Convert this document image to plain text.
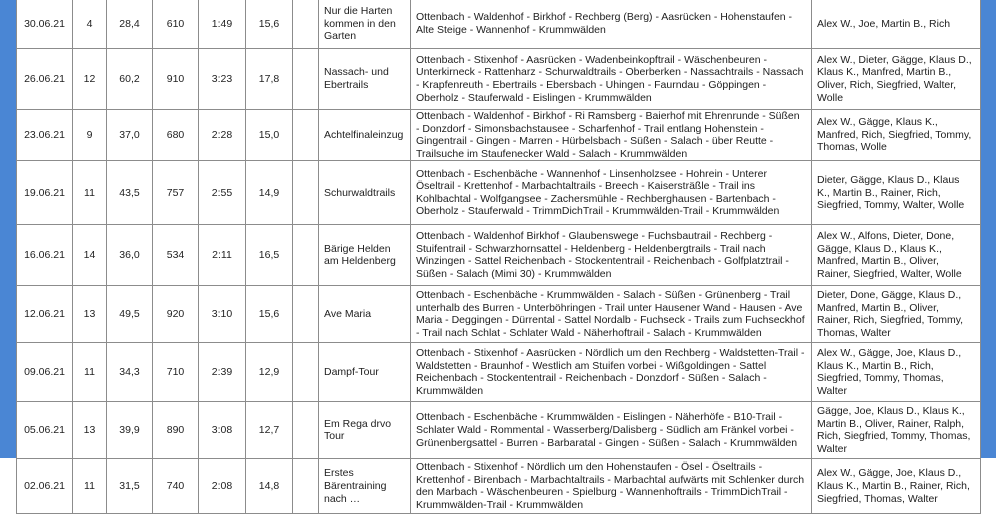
30.06.21	4	28,4	610	1:49	15,6		Nur die Harten kommen in den Garten	Ottenbach - Waldenhof - Birkhof - Rechberg (Berg) - Aasrücken - Hohenstaufen - Alte Steige - Wannenhof - Krummwälden	Alex W., Joe, Martin B., Rich
26.06.21	12	60,2	910	3:23	17,8		Nassach- und Ebertrails	Ottenbach - Stixenhof - Aasrücken - Wadenbeinkopftrail - Wäschenbeuren - Unterkirneck - Rattenharz - Schurwaldtrails - Oberberken - Nassachtrails - Nassach - Krapfenreuth - Ebertrails - Ebersbach - Uhingen - Faurndau - Göppingen - Oberholz - Stauferwald - Eislingen - Krummwälden	Alex W., Dieter, Gägge, Klaus D., Klaus K., Manfred, Martin B., Oliver, Rich, Siegfried, Walter, Wolle
23.06.21	9	37,0	680	2:28	15,0		Achtelfinaleinzug	Ottenbach - Waldenhof - Birkhof - Ri Ramsberg - Baierhof mit Ehrenrunde - Süßen - Donzdorf - Simonsbachstausee - Scharfenhof - Trail entlang Hohenstein - Gingentrail - Gingen - Marren - Hürbelsbach - Süßen - Salach - über Reutte - Trailsuche im Staufenecker Wald - Salach - Krummwälden	Alex W., Gägge, Klaus K., Manfred, Rich, Siegfried, Tommy, Thomas, Wolle
19.06.21	11	43,5	757	2:55	14,9		Schurwaldtrails	Ottenbach - Eschenbäche - Wannenhof - Linsenholzsee - Hohrein - Unterer Öseltrail - Krettenhof - Marbachtaltrails - Breech - Kaisersträßle - Trail ins Kohlbachtal - Wolfgangsee - Zachersmühle - Rechberghausen - Bartenbach - Oberholz - Stauferwald - TrimmDichTrail - Krummwälden-Trail - Krummwälden	Dieter, Gägge, Klaus D., Klaus K., Martin B., Rainer, Rich, Siegfried, Tommy, Walter, Wolle
16.06.21	14	36,0	534	2:11	16,5		Bärige Helden am Heldenberg	Ottenbach - Waldenhof Birkhof - Glaubenswege - Fuchsbautrail - Rechberg - Stuifentrail - Schwarzhornsattel - Heldenberg - Heldenbergtrails - Trail nach Winzingen - Sattel Reichenbach - Stockententrail - Reichenbach - Golfplatztrail - Süßen - Salach (Mimi 30) - Krummwälden	Alex W., Alfons, Dieter, Done, Gägge, Klaus D., Klaus K., Manfred, Martin B., Oliver, Rainer, Siegfried, Walter, Wolle
12.06.21	13	49,5	920	3:10	15,6		Ave Maria	Ottenbach - Eschenbäche - Krummwälden - Salach - Süßen - Grünenberg - Trail unterhalb des Burren - Unterböhringen - Trail unter Hausener Wand - Hausen - Ave Maria - Deggingen - Dürrental - Sattel Nordalb - Fuchseck - Trails zum Fuchseckhof - Trail nach Schlat - Schlater Wald - Näherhoftrail - Salach - Krummwälden	Dieter, Done, Gägge, Klaus D., Manfred, Martin B., Oliver, Rainer, Rich, Siegfried, Tommy, Thomas, Walter
09.06.21	11	34,3	710	2:39	12,9		Dampf-Tour	Ottenbach - Stixenhof - Aasrücken - Nördlich um den Rechberg - Waldstetten-Trail - Waldstetten - Braunhof - Westlich am Stuifen vorbei - Wißgoldingen - Sattel Reichenbach - Stockententrail - Reichenbach - Donzdorf - Süßen - Salach - Krummwälden	Alex W., Gägge, Joe, Klaus D., Klaus K., Martin B., Rich, Siegfried, Tommy, Thomas, Walter
05.06.21	13	39,9	890	3:08	12,7		Em Rega drvo Tour	Ottenbach - Eschenbäche - Krummwälden - Eislingen - Näherhöfe - B10-Trail - Schlater Wald - Rommental - Wasserberg/Dalisberg - Südlich am Fränkel vorbei - Grünenbergsattel - Burren - Barbaratal - Gingen - Süßen - Salach - Krummwälden	Gägge, Joe, Klaus D., Klaus K., Martin B., Oliver, Rainer, Ralph, Rich, Siegfried, Tommy, Thomas, Walter
02.06.21	11	31,5	740	2:08	14,8		Erstes Bärentraining nach …	Ottenbach - Stixenhof - Nördlich um den Hohenstaufen - Ösel - Öseltrails - Krettenhof - Birenbach - Marbachtaltrails - Marbachtal aufwärts mit Schlenker durch den Marbach - Wäschenbeuren - Spielburg - Wannenhoftrails - TrimmDichTrail - Krummwälden-Trail - Krummwälden	Alex W., Gägge, Joe, Klaus D., Klaus K., Martin B., Rainer, Rich, Siegfried, Thomas, Walter
